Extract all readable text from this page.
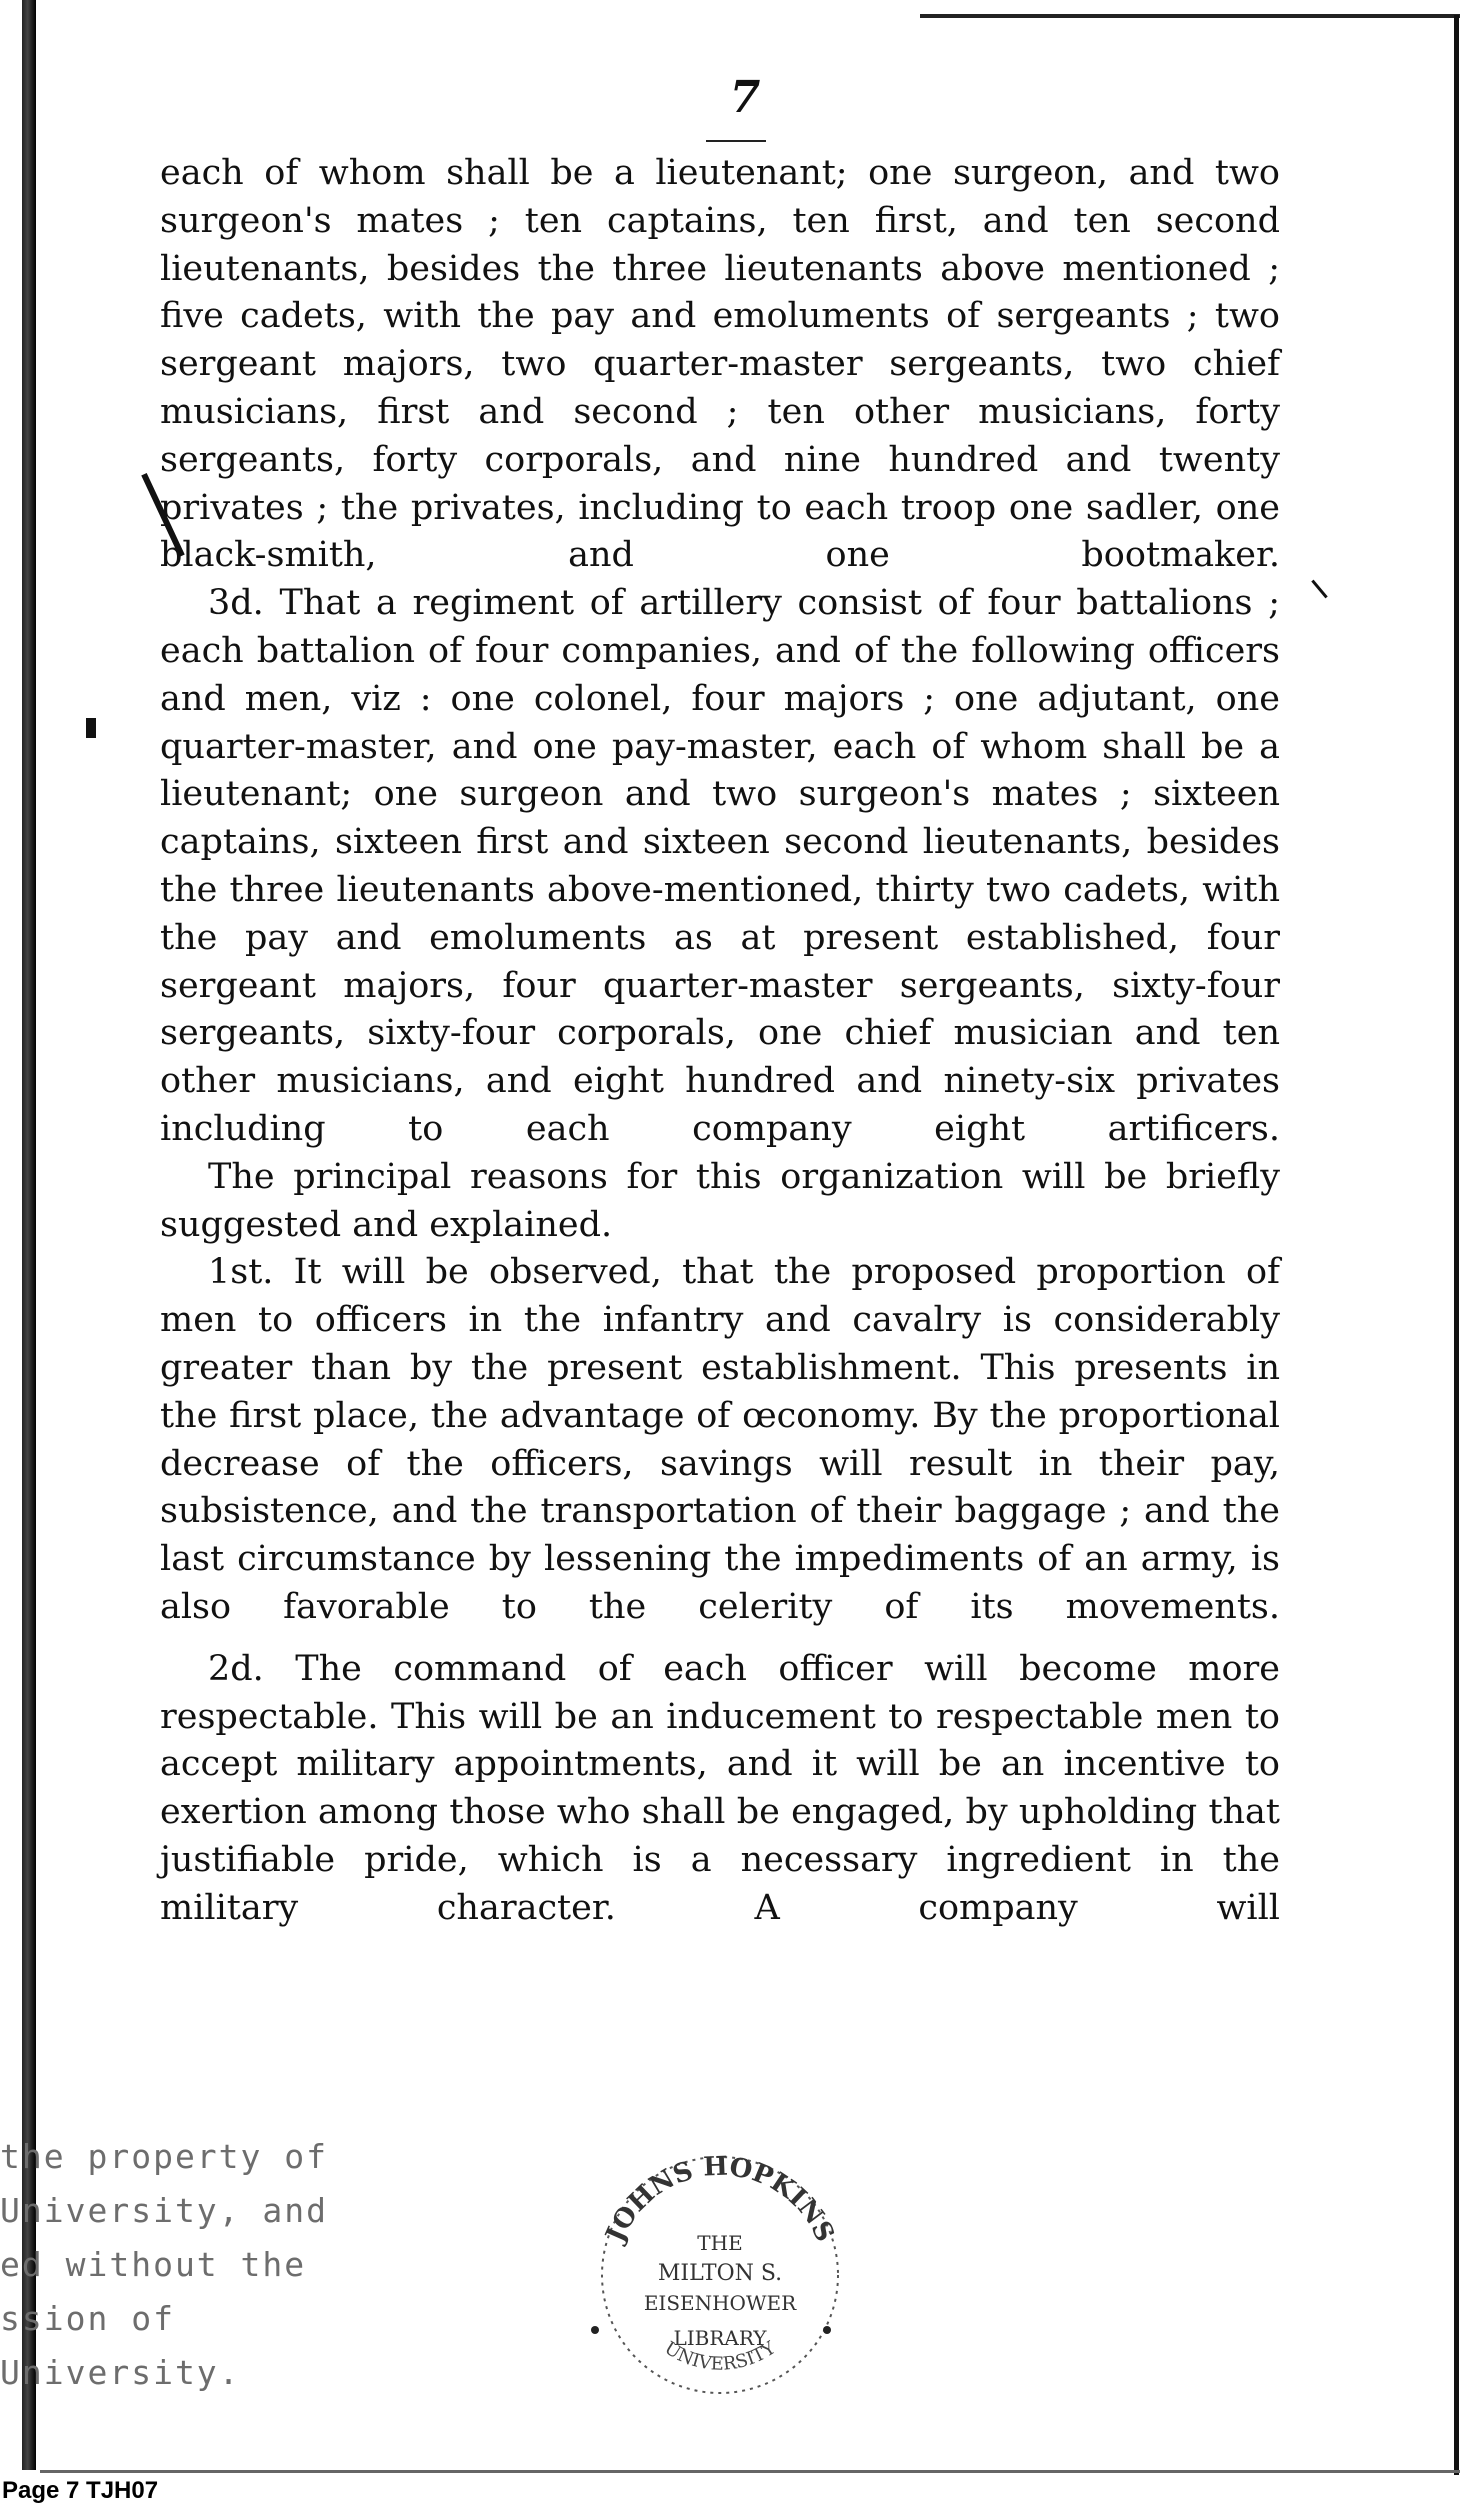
7

each of whom shall be a lieutenant; one surgeon, and two surgeon's mates ; ten captains, ten first, and ten second lieutenants, besides the three lieutenants above mentioned ; five cadets, with the pay and emoluments of sergeants ; two sergeant majors, two quarter-master sergeants, two chief musicians, first and second ; ten other musicians, forty sergeants, forty corporals, and nine hundred and twenty privates ; the privates, including to each troop one sadler, one black-smith, and one bootmaker.

3d. That a regiment of artillery consist of four battalions ; each battalion of four companies, and of the following officers and men, viz : one colonel, four majors ; one adjutant, one quarter-master, and one pay-master, each of whom shall be a lieutenant; one surgeon and two surgeon's mates ; sixteen captains, sixteen first and sixteen second lieutenants, besides the three lieutenants above-mentioned, thirty two cadets, with the pay and emoluments as at present established, four sergeant majors, four quarter-master sergeants, sixty-four sergeants, sixty-four corporals, one chief musician and ten other musicians, and eight hundred and ninety-six privates including to each company eight artificers.

The principal reasons for this organization will be briefly suggested and explained.

1st. It will be observed, that the proposed proportion of men to officers in the infantry and cavalry is considerably greater than by the present establishment. This presents in the first place, the advantage of œconomy. By the proportional decrease of the officers, savings will result in their pay, subsistence, and the transportation of their baggage ; and the last circumstance by lessening the impediments of an army, is also favorable to the celerity of its movements.

2d. The command of each officer will become more respectable. This will be an inducement to respectable men to accept military appointments, and it will be an incentive to exertion among those who shall be engaged, by upholding that justifiable pride, which is a necessary ingredient in the military character. A company will

the property of
University, and
ed without the
ssion of
University.
JOHNS HOPKINS
THE
MILTON S.
EISENHOWER
LIBRARY
UNIVERSITY

Page 7 TJH07
